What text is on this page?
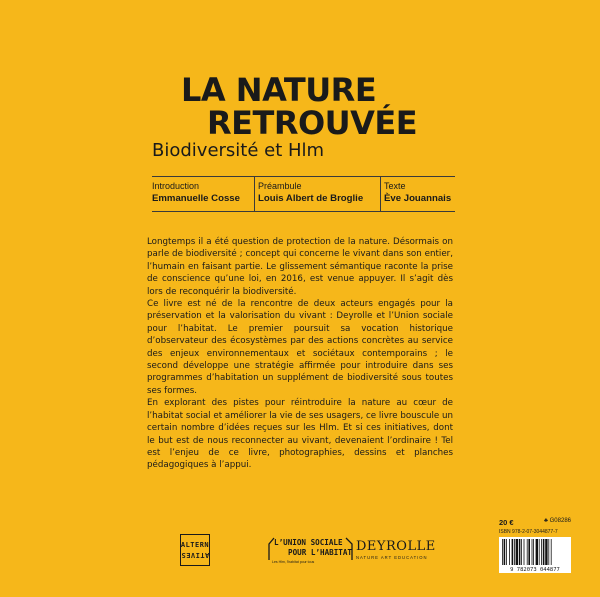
LA NATURE
RETROUVÉE
Biodiversité et Hlm
Introduction
Emmanuelle Cosse
Préambule
Louis Albert de Broglie
Texte
Ève Jouannais

Longtemps il a été question de protection de la nature. Désormais on parle de biodiversité ; concept qui concerne le vivant dans son entier, l’humain en faisant partie. Le glissement sémantique raconte la prise de conscience qu’une loi, en 2016, est venue appuyer. Il s’agit dès lors de reconquérir la biodiversité.

Ce livre est né de la rencontre de deux acteurs engagés pour la préservation et la valorisation du vivant : Deyrolle et l’Union sociale pour l’habitat. Le premier poursuit sa vocation historique d’observateur des écosystèmes par des actions concrètes au service des enjeux environnementaux et sociétaux contemporains ; le second développe une stratégie affirmée pour introduire dans ses programmes d’habitation un supplément de biodiversité sous toutes ses formes.

En explorant des pistes pour réintroduire la nature au cœur de l’habitat social et améliorer la vie de ses usagers, ce livre bouscule un certain nombre d’idées reçues sur les Hlm. Et si ces initiatives, dont le but est de nous reconnecter au vivant, devenaient l’ordinaire ! Tel est l’enjeu de ce livre, photographies, dessins et planches pédagogiques à l’appui.

ALTERN
ATIVES
L’UNION SOCIALE
POUR L’HABITAT
Les Hlm, l'habitat pour tous
DEYROLLE
NATURE ART EDUCATION
20 €	♣ G08286
ISBN 978-2-07-3044877-7
9 782073 044877
